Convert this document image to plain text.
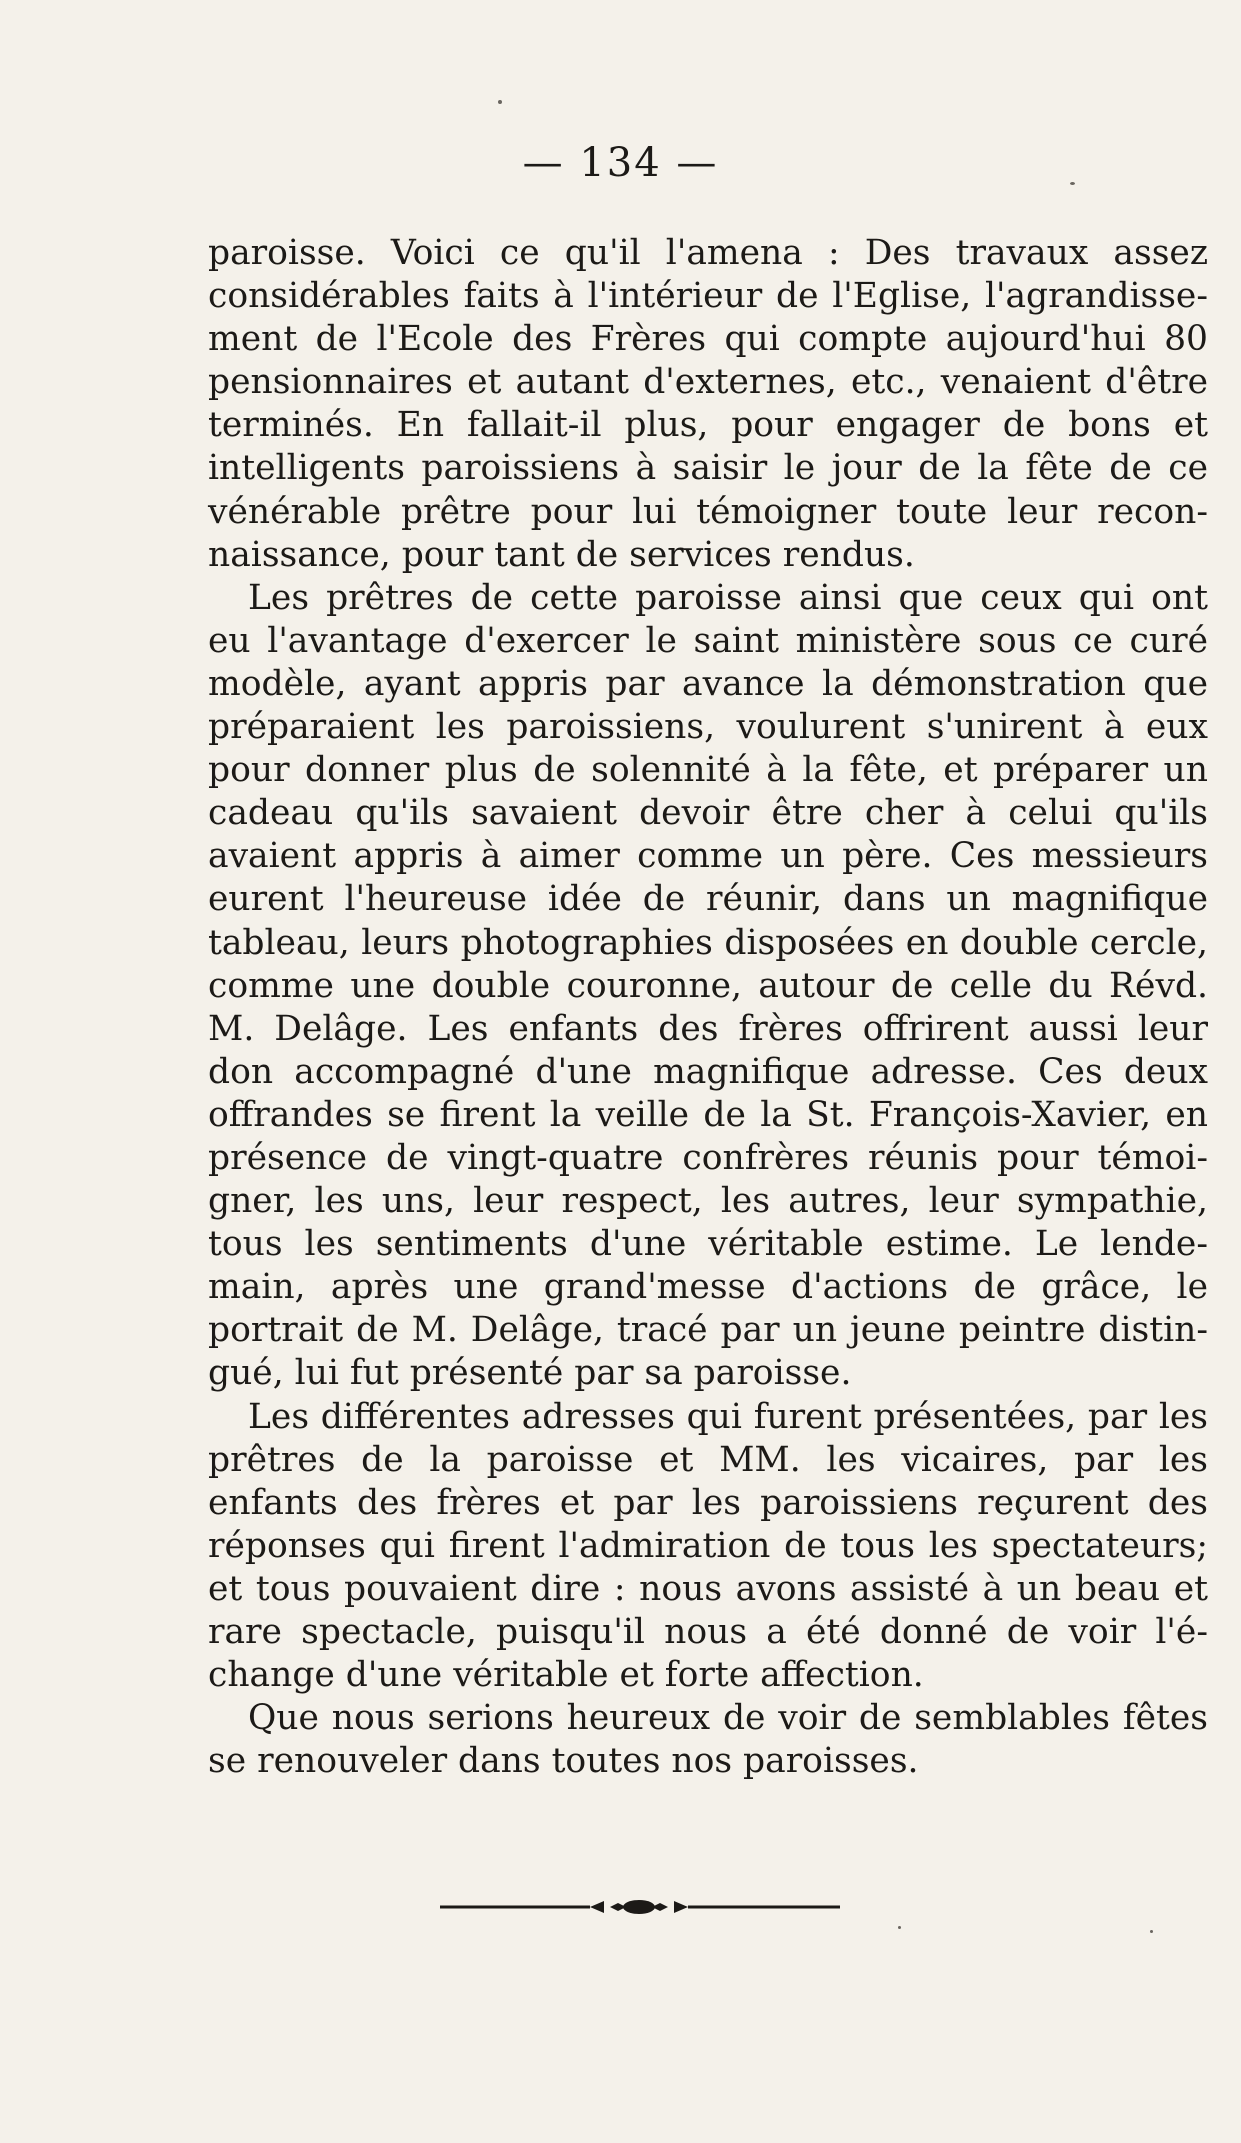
— 134 —

paroisse. Voici ce qu'il l'amena : Des travaux assez
considérables faits à l'intérieur de l'Eglise, l'agrandisse-
ment de l'Ecole des Frères qui compte aujourd'hui 80
pensionnaires et autant d'externes, etc., venaient d'être
terminés. En fallait-il plus, pour engager de bons et
intelligents paroissiens à saisir le jour de la fête de ce
vénérable prêtre pour lui témoigner toute leur recon-
naissance, pour tant de services rendus.

Les prêtres de cette paroisse ainsi que ceux qui ont
eu l'avantage d'exercer le saint ministère sous ce curé
modèle, ayant appris par avance la démonstration que
préparaient les paroissiens, voulurent s'unirent à eux
pour donner plus de solennité à la fête, et préparer un
cadeau qu'ils savaient devoir être cher à celui qu'ils
avaient appris à aimer comme un père. Ces messieurs
eurent l'heureuse idée de réunir, dans un magnifique
tableau, leurs photographies disposées en double cercle,
comme une double couronne, autour de celle du Révd.
M. Delâge. Les enfants des frères offrirent aussi leur
don accompagné d'une magnifique adresse. Ces deux
offrandes se firent la veille de la St. François-Xavier, en
présence de vingt-quatre confrères réunis pour témoi-
gner, les uns, leur respect, les autres, leur sympathie,
tous les sentiments d'une véritable estime. Le lende-
main, après une grand'messe d'actions de grâce, le
portrait de M. Delâge, tracé par un jeune peintre distin-
gué, lui fut présenté par sa paroisse.

Les différentes adresses qui furent présentées, par les
prêtres de la paroisse et MM. les vicaires, par les
enfants des frères et par les paroissiens reçurent des
réponses qui firent l'admiration de tous les spectateurs;
et tous pouvaient dire : nous avons assisté à un beau et
rare spectacle, puisqu'il nous a été donné de voir l'é-
change d'une véritable et forte affection.

Que nous serions heureux de voir de semblables fêtes
se renouveler dans toutes nos paroisses.
